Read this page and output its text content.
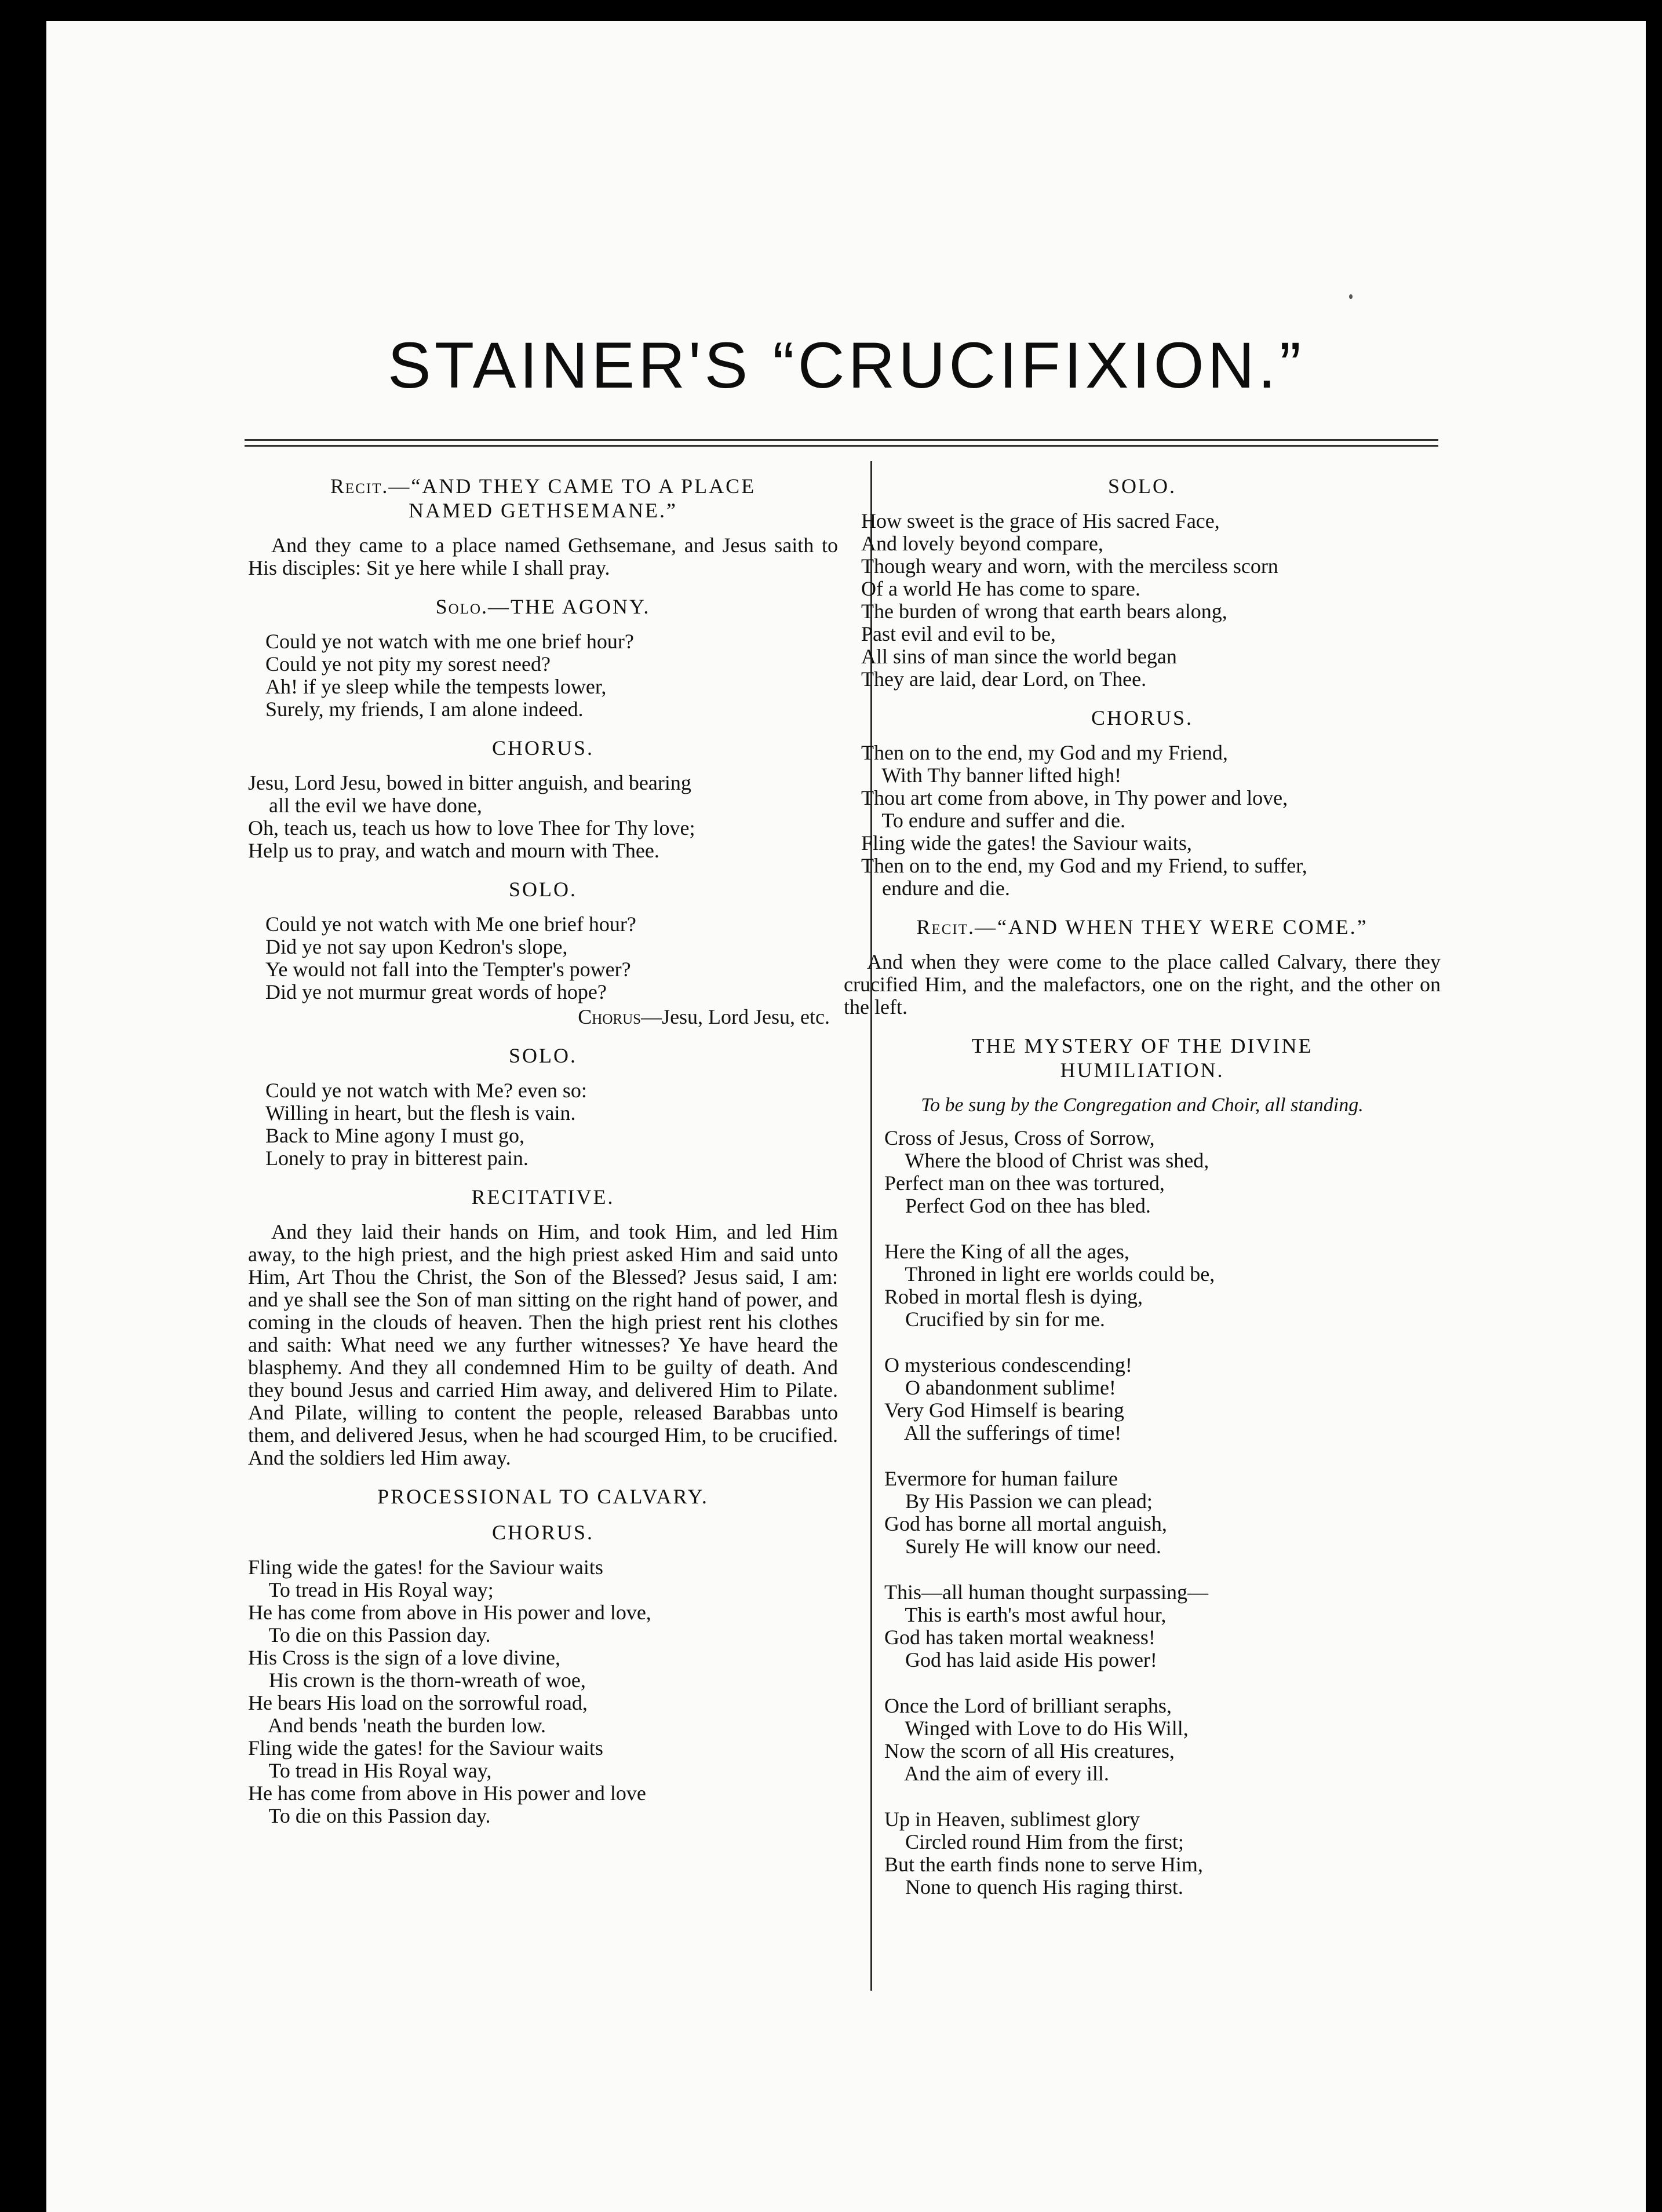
STAINER'S “CRUCIFIXION.”
Recit.—“AND THEY CAME TO A PLACE
NAMED GETHSEMANE.”

And they came to a place named Gethsemane, and Jesus saith to His disciples: Sit ye here while I shall pray.

Solo.—THE AGONY.
Could ye not watch with me one brief hour?
Could ye not pity my sorest need?
Ah! if ye sleep while the tempests lower,
Surely, my friends, I am alone indeed.
CHORUS.
Jesu, Lord Jesu, bowed in bitter anguish, and bearing
all the evil we have done,
Oh, teach us, teach us how to love Thee for Thy love;
Help us to pray, and watch and mourn with Thee.
SOLO.
Could ye not watch with Me one brief hour?
Did ye not say upon Kedron's slope,
Ye would not fall into the Tempter's power?
Did ye not murmur great words of hope?
Chorus—Jesu, Lord Jesu, etc.
SOLO.
Could ye not watch with Me? even so:
Willing in heart, but the flesh is vain.
Back to Mine agony I must go,
Lonely to pray in bitterest pain.
RECITATIVE.

And they laid their hands on Him, and took Him, and led Him away, to the high priest, and the high priest asked Him and said unto Him, Art Thou the Christ, the Son of the Blessed? Jesus said, I am: and ye shall see the Son of man sitting on the right hand of power, and coming in the clouds of heaven. Then the high priest rent his clothes and saith: What need we any further witnesses? Ye have heard the blasphemy. And they all condemned Him to be guilty of death. And they bound Jesus and carried Him away, and delivered Him to Pilate. And Pilate, willing to content the people, released Barabbas unto them, and delivered Jesus, when he had scourged Him, to be crucified. And the soldiers led Him away.

PROCESSIONAL TO CALVARY.
CHORUS.
Fling wide the gates! for the Saviour waits
To tread in His Royal way;
He has come from above in His power and love,
To die on this Passion day.
His Cross is the sign of a love divine,
His crown is the thorn-wreath of woe,
He bears His load on the sorrowful road,
And bends 'neath the burden low.
Fling wide the gates! for the Saviour waits
To tread in His Royal way,
He has come from above in His power and love
To die on this Passion day.
SOLO.
How sweet is the grace of His sacred Face,
And lovely beyond compare,
Though weary and worn, with the merciless scorn
Of a world He has come to spare.
The burden of wrong that earth bears along,
Past evil and evil to be,
All sins of man since the world began
They are laid, dear Lord, on Thee.
CHORUS.
Then on to the end, my God and my Friend,
With Thy banner lifted high!
Thou art come from above, in Thy power and love,
To endure and suffer and die.
Fling wide the gates! the Saviour waits,
Then on to the end, my God and my Friend, to suffer,
endure and die.
Recit.—“AND WHEN THEY WERE COME.”

And when they were come to the place called Calvary, there they crucified Him, and the malefactors, one on the right, and the other on the left.

THE MYSTERY OF THE DIVINE
HUMILIATION.
To be sung by the Congregation and Choir, all standing.
Cross of Jesus, Cross of Sorrow,
Where the blood of Christ was shed,
Perfect man on thee was tortured,
Perfect God on thee has bled.
Here the King of all the ages,
Throned in light ere worlds could be,
Robed in mortal flesh is dying,
Crucified by sin for me.
O mysterious condescending!
O abandonment sublime!
Very God Himself is bearing
All the sufferings of time!
Evermore for human failure
By His Passion we can plead;
God has borne all mortal anguish,
Surely He will know our need.
This—all human thought surpassing—
This is earth's most awful hour,
God has taken mortal weakness!
God has laid aside His power!
Once the Lord of brilliant seraphs,
Winged with Love to do His Will,
Now the scorn of all His creatures,
And the aim of every ill.
Up in Heaven, sublimest glory
Circled round Him from the first;
But the earth finds none to serve Him,
None to quench His raging thirst.
